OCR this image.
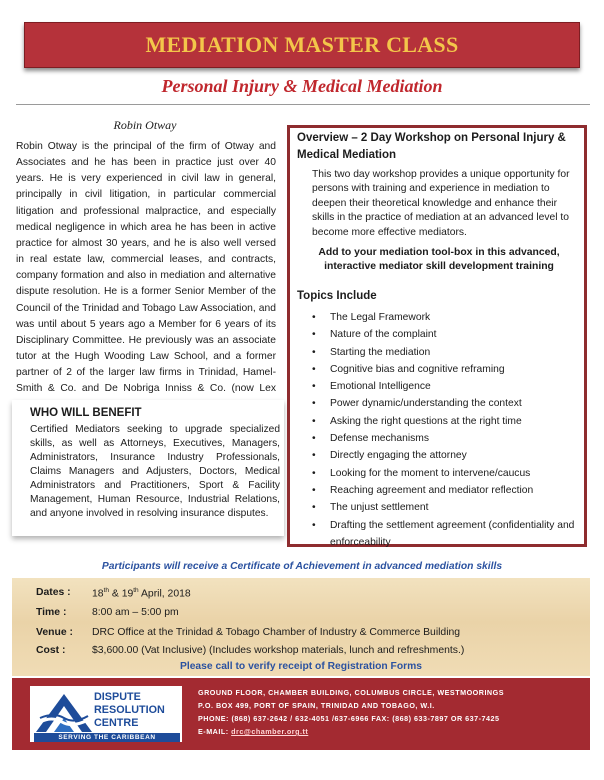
MEDIATION MASTER CLASS
Personal Injury & Medical Mediation
Robin Otway

Robin Otway is the principal of the firm of Otway and Associates and he has been in practice just over 40 years. He is very experienced in civil law in general, principally in civil litigation, in particular commercial litigation and professional malpractice, and especially medical negligence in which area he has been in active practice for almost 30 years, and he is also well versed in real estate law, commercial leases, and contracts, company formation and also in mediation and alternative dispute resolution. He is a former Senior Member of the Council of the Trinidad and Tobago Law Association, and was until about 5 years ago a Member for 6 years of its Disciplinary Committee. He previously was an associate tutor at the Hugh Wooding Law School, and a former partner of 2 of the larger law firms in Trinidad, Hamel-Smith & Co. and De Nobriga Inniss & Co. (now Lex

WHO WILL BENEFIT

Certified Mediators seeking to upgrade specialized skills, as well as Attorneys, Executives, Managers, Administrators, Insurance Industry Professionals, Claims Managers and Adjusters, Doctors, Medical Administrators and Practitioners, Sport & Facility Management, Human Resource, Industrial Relations, and anyone involved in resolving insurance disputes.

Overview – 2 Day Workshop on Personal Injury & Medical Mediation

This two day workshop provides a unique opportunity for persons with training and experience in mediation to deepen their theoretical knowledge and enhance their skills in the practice of mediation at an advanced level to become more effective mediators.

Add to your mediation tool-box in this advanced, interactive mediator skill development training

Topics Include
• The Legal Framework
• Nature of the complaint
• Starting the mediation
• Cognitive bias and cognitive reframing
• Emotional Intelligence
• Power dynamic/understanding the context
• Asking the right questions at the right time
• Defense mechanisms
• Directly engaging the attorney
• Looking for the moment to intervene/caucus
• Reaching agreement and mediator reflection
• The unjust settlement
• Drafting the settlement agreement (confidentiality and enforceability
Participants will receive a Certificate of Achievement in advanced mediation skills
Dates : 18th & 19th April, 2018
Time : 8:00 am – 5:00 pm
Venue : DRC Office at the Trinidad & Tobago Chamber of Industry & Commerce Building
Cost :	$3,600.00 (Vat Inclusive) (Includes workshop materials, lunch and refreshments.)
Please call to verify receipt of Registration Forms
DISPUTE
RESOLUTION
CENTRE
SERVING THE CARIBBEAN
GROUND FLOOR, CHAMBER BUILDING, COLUMBUS CIRCLE, WESTMOORINGS
P.O. BOX 499, PORT OF SPAIN, TRINIDAD AND TOBAGO, W.I.
PHONE: (868) 637-2642 / 632-4051 /637-6966 FAX: (868) 633-7897 OR 637-7425
E-MAIL: drc@chamber.org.tt
